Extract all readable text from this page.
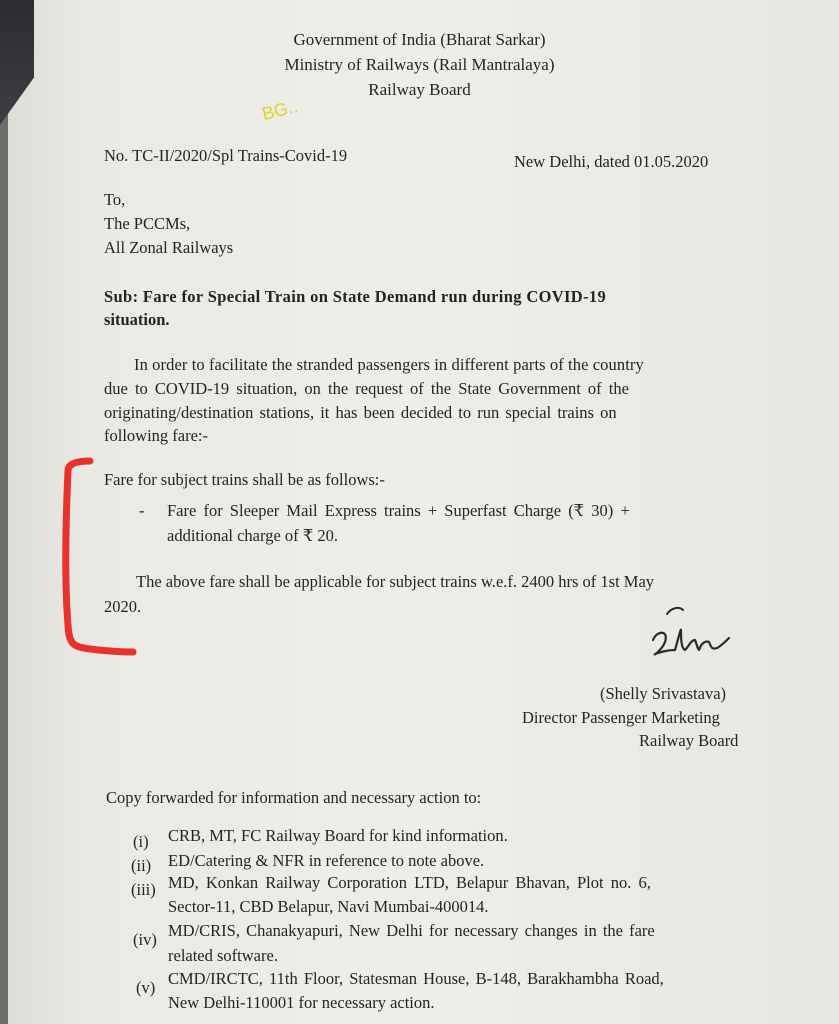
Government of India (Bharat Sarkar)
Ministry of Railways (Rail Mantralaya)
Railway Board
BG..
No. TC-II/2020/Spl Trains-Covid-19	New Delhi, dated 01.05.2020
To,
The PCCMs,
All Zonal Railways
Sub: Fare for Special Train on State Demand run during COVID-19
situation.
In order to facilitate the stranded passengers in different parts of the country
due to COVID-19 situation, on the request of the State Government of the
originating/destination stations, it has been decided to run special trains on
following fare:-
Fare for subject trains shall be as follows:-
- Fare for Sleeper Mail Express trains + Superfast Charge (₹ 30) +
additional charge of ₹ 20.
The above fare shall be applicable for subject trains w.e.f. 2400 hrs of 1st May
2020.
(Shelly Srivastava)
Director Passenger Marketing
Railway Board
Copy forwarded for information and necessary action to:
(i)	CRB, MT, FC Railway Board for kind information.
(ii)	ED/Catering & NFR in reference to note above.
(iii) MD, Konkan Railway Corporation LTD, Belapur Bhavan, Plot no. 6,
Sector-11, CBD Belapur, Navi Mumbai-400014.
(iv) MD/CRIS, Chanakyapuri, New Delhi for necessary changes in the fare
related software.
(v) CMD/IRCTC, 11th Floor, Statesman House, B-148, Barakhambha Road,
New Delhi-110001 for necessary action.
